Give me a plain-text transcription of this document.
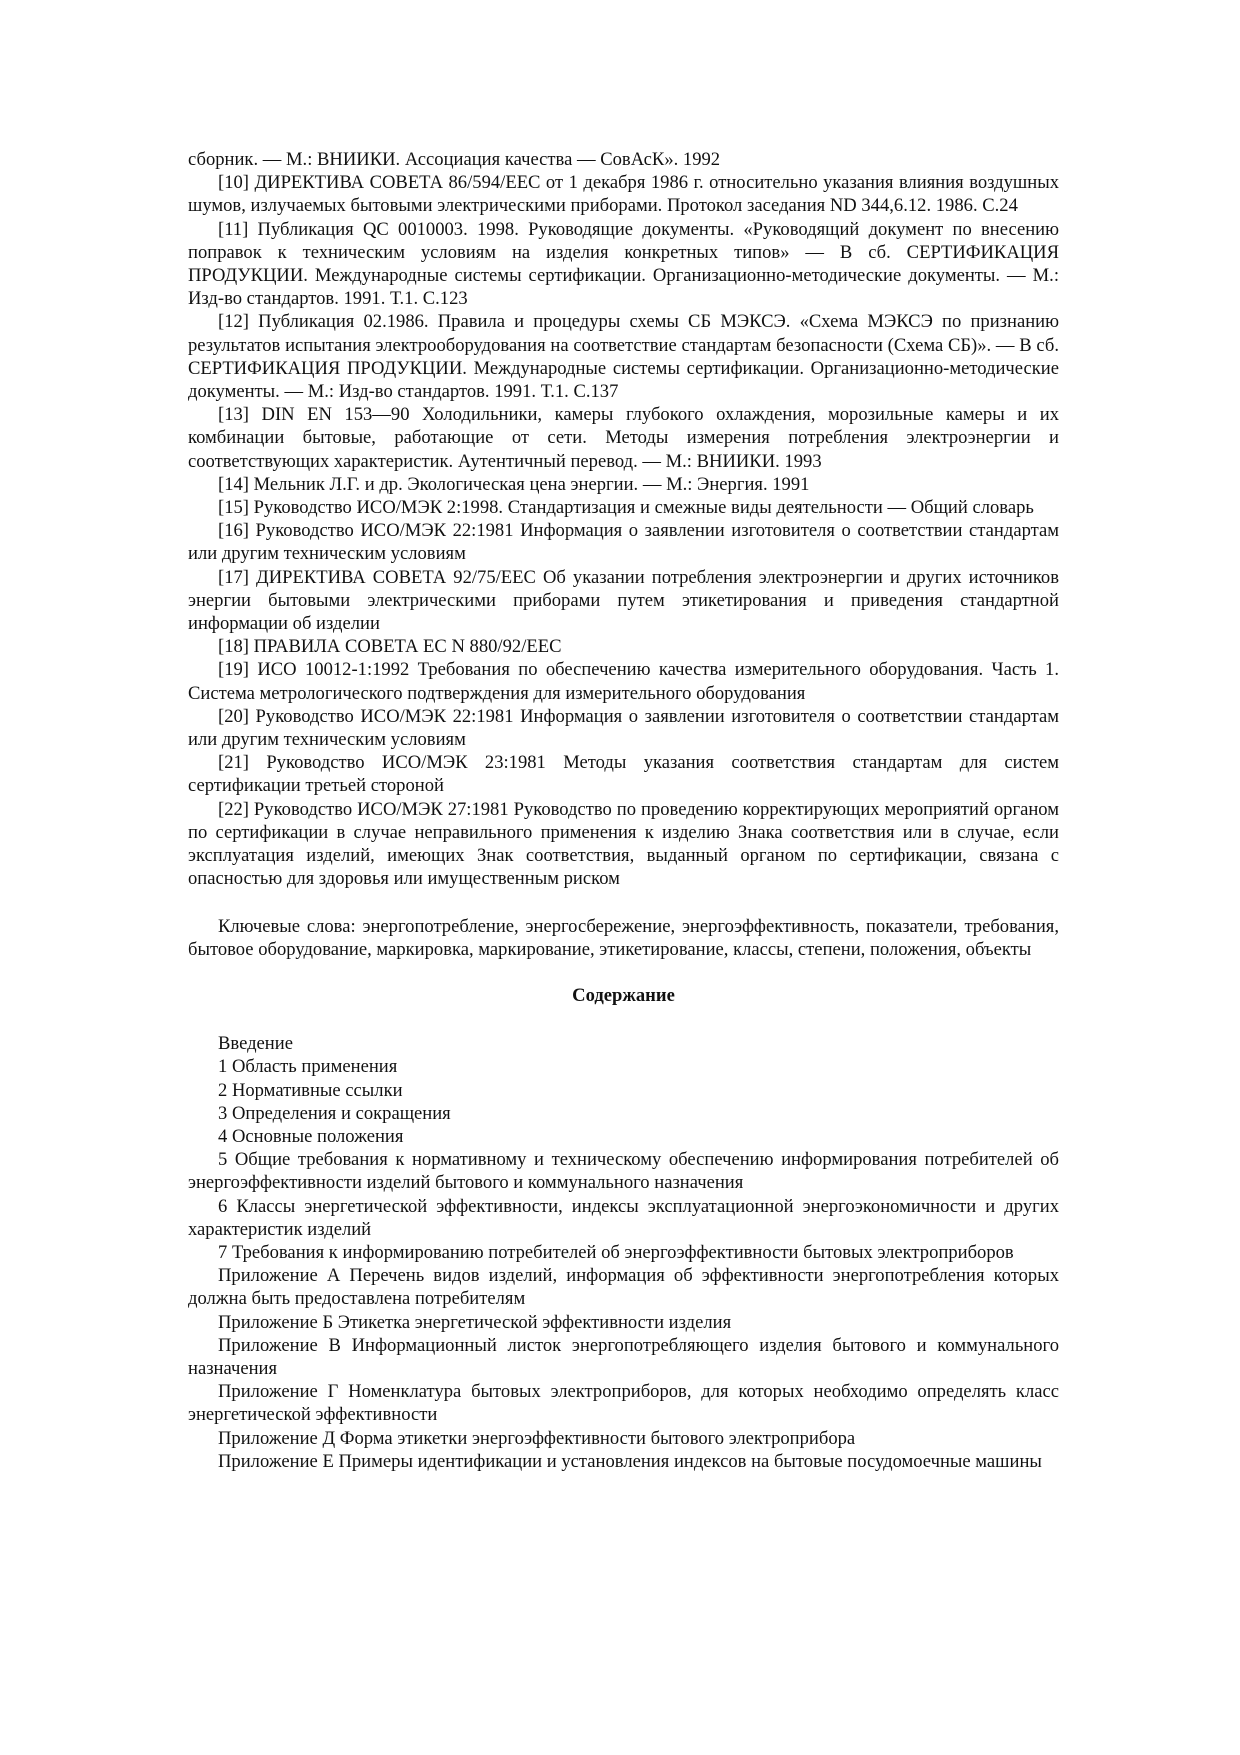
сборник. — М.: ВНИИКИ. Ассоциация качества — СовАсК». 1992

[10] ДИРЕКТИВА СОВЕТА 86/594/ЕЕС от 1 декабря 1986 г. относительно указания влияния воздушных шумов, излучаемых бытовыми электрическими приборами. Протокол заседания ND 344,6.12. 1986. С.24

[11] Публикация QC 0010003. 1998. Руководящие документы. «Руководящий документ по внесению поправок к техническим условиям на изделия конкретных типов» — В сб. СЕРТИФИКАЦИЯ ПРОДУКЦИИ. Международные системы сертификации. Организационно-методические документы. — М.: Изд-во стандартов. 1991. Т.1. С.123

[12] Публикация 02.1986. Правила и процедуры схемы СБ МЭКСЭ. «Схема МЭКСЭ по признанию результатов испытания электрооборудования на соответствие стандартам безопасности (Схема СБ)». — В сб. СЕРТИФИКАЦИЯ ПРОДУКЦИИ. Международные системы сертификации. Организационно-методические документы. — М.: Изд-во стандартов. 1991. Т.1. С.137

[13] DIN EN 153—90 Холодильники, камеры глубокого охлаждения, морозильные камеры и их комбинации бытовые, работающие от сети. Методы измерения потребления электроэнергии и соответствующих характеристик. Аутентичный перевод. — М.: ВНИИКИ. 1993

[14] Мельник Л.Г. и др. Экологическая цена энергии. — М.: Энергия. 1991

[15] Руководство ИСО/МЭК 2:1998. Стандартизация и смежные виды деятельности — Общий словарь

[16] Руководство ИСО/МЭК 22:1981 Информация о заявлении изготовителя о соответствии стандартам или другим техническим условиям

[17] ДИРЕКТИВА СОВЕТА 92/75/ЕЕС Об указании потребления электроэнергии и других источников энергии бытовыми электрическими приборами путем этикетирования и приведения стандартной информации об изделии

[18] ПРАВИЛА СОВЕТА ЕС N 880/92/ЕЕС

[19] ИСО 10012-1:1992 Требования по обеспечению качества измерительного оборудования. Часть 1. Система метрологического подтверждения для измерительного оборудования

[20] Руководство ИСО/МЭК 22:1981 Информация о заявлении изготовителя о соответствии стандартам или другим техническим условиям

[21] Руководство ИСО/МЭК 23:1981 Методы указания соответствия стандартам для систем сертификации третьей стороной

[22] Руководство ИСО/МЭК 27:1981 Руководство по проведению корректирующих мероприятий органом по сертификации в случае неправильного применения к изделию Знака соответствия или в случае, если эксплуатация изделий, имеющих Знак соответствия, выданный органом по сертификации, связана с опасностью для здоровья или имущественным риском

Ключевые слова: энергопотребление, энергосбережение, энергоэффективность, показатели, требования, бытовое оборудование, маркировка, маркирование, этикетирование, классы, степени, положения, объекты

Содержание

Введение

1 Область применения

2 Нормативные ссылки

3 Определения и сокращения

4 Основные положения

5 Общие требования к нормативному и техническому обеспечению информирования потребителей об энергоэффективности изделий бытового и коммунального назначения

6 Классы энергетической эффективности, индексы эксплуатационной энергоэкономичности и других характеристик изделий

7 Требования к информированию потребителей об энергоэффективности бытовых электроприборов

Приложение А Перечень видов изделий, информация об эффективности энергопотребления которых должна быть предоставлена потребителям

Приложение Б Этикетка энергетической эффективности изделия

Приложение В Информационный листок энергопотребляющего изделия бытового и коммунального назначения

Приложение Г Номенклатура бытовых электроприборов, для которых необходимо определять класс энергетической эффективности

Приложение Д Форма этикетки энергоэффективности бытового электроприбора

Приложение Е Примеры идентификации и установления индексов на бытовые посудомоечные машины
